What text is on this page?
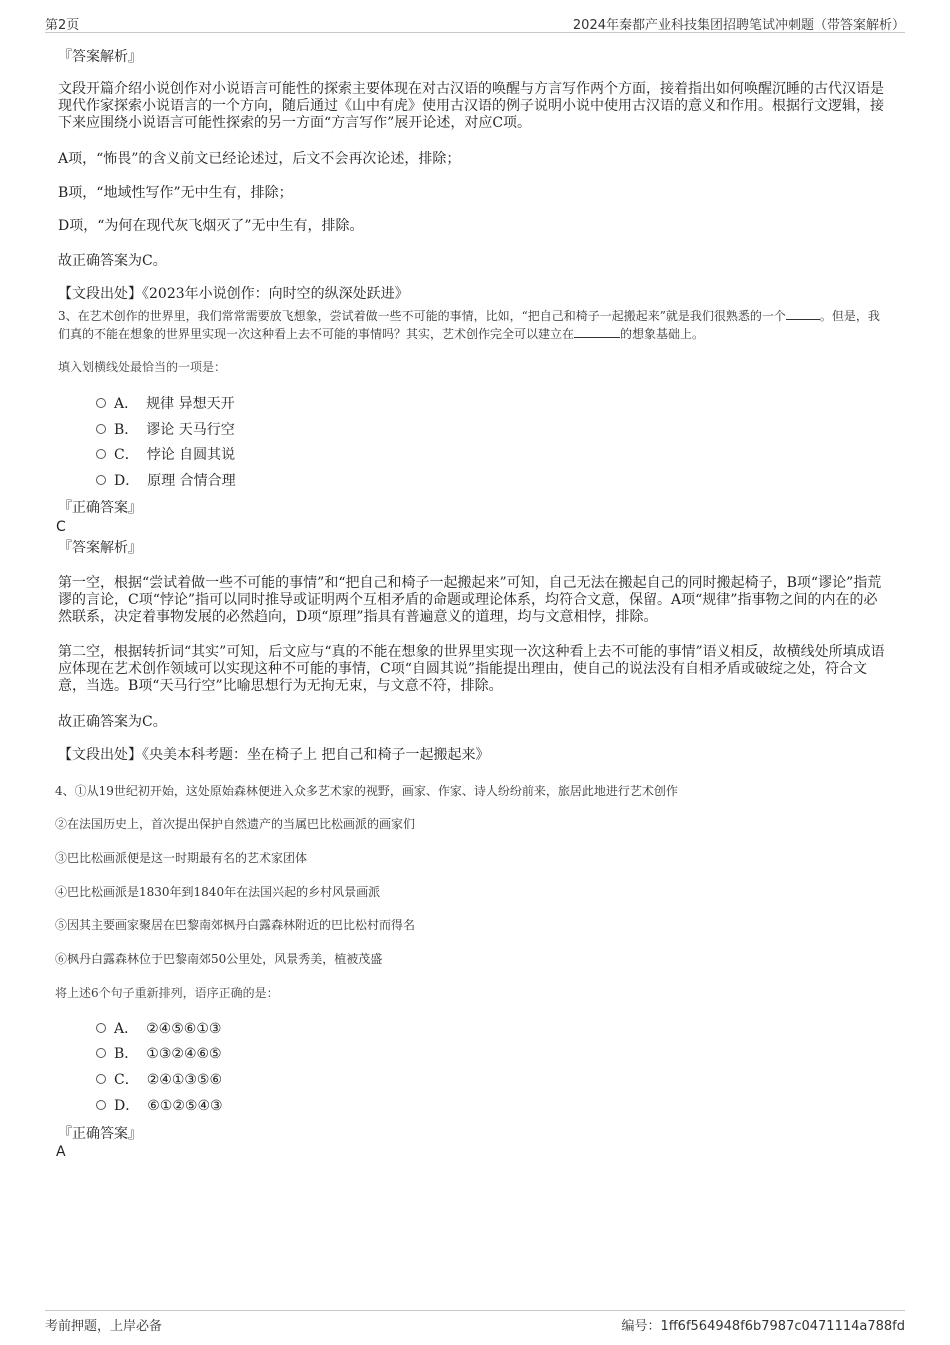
第2页	2024年秦都产业科技集团招聘笔试冲刺题（带答案解析）
『答案解析』

文段开篇介绍小说创作对小说语言可能性的探索主要体现在对古汉语的唤醒与方言写作两个方面，接着指出如何唤醒沉睡的古代汉语是现代作家探索小说语言的一个方向，随后通过《山中有虎》使用古汉语的例子说明小说中使用古汉语的意义和作用。根据行文逻辑，接下来应围绕小说语言可能性探索的另一方面“方言写作”展开论述，对应C项。

A项，“怖畏”的含义前文已经论述过，后文不会再次论述，排除；

B项，“地域性写作”无中生有，排除；

D项，“为何在现代灰飞烟灭了”无中生有，排除。

故正确答案为C。

【文段出处】《2023年小说创作：向时空的纵深处跃进》

3、在艺术创作的世界里，我们常常需要放飞想象，尝试着做一些不可能的事情，比如，“把自己和椅子一起搬起来”就是我们很熟悉的一个	。但是，我们真的不能在想象的世界里实现一次这种看上去不可能的事情吗？其实，艺术创作完全可以建立在	的想象基础上。

填入划横线处最恰当的一项是：
A． 规律 异想天开
B． 谬论 天马行空
C． 悖论 自圆其说
D． 原理 合情合理
『正确答案』
C
『答案解析』

第一空，根据“尝试着做一些不可能的事情”和“把自己和椅子一起搬起来”可知，自己无法在搬起自己的同时搬起椅子，B项“谬论”指荒谬的言论，C项“悖论”指可以同时推导或证明两个互相矛盾的命题或理论体系，均符合文意，保留。A项“规律”指事物之间的内在的必然联系，决定着事物发展的必然趋向，D项“原理”指具有普遍意义的道理，均与文意相悖，排除。

第二空，根据转折词“其实”可知，后文应与“真的不能在想象的世界里实现一次这种看上去不可能的事情”语义相反，故横线处所填成语应体现在艺术创作领域可以实现这种不可能的事情，C项“自圆其说”指能提出理由，使自己的说法没有自相矛盾或破绽之处，符合文意，当选。B项“天马行空”比喻思想行为无拘无束，与文意不符，排除。

故正确答案为C。

【文段出处】《央美本科考题：坐在椅子上 把自己和椅子一起搬起来》
4、①从19世纪初开始，这处原始森林便进入众多艺术家的视野，画家、作家、诗人纷纷前来，旅居此地进行艺术创作
②在法国历史上，首次提出保护自然遗产的当属巴比松画派的画家们
③巴比松画派便是这一时期最有名的艺术家团体
④巴比松画派是1830年到1840年在法国兴起的乡村风景画派
⑤因其主要画家聚居在巴黎南郊枫丹白露森林附近的巴比松村而得名
⑥枫丹白露森林位于巴黎南郊50公里处，风景秀美，植被茂盛
将上述6个句子重新排列，语序正确的是：
A． ②④⑤⑥①③
B． ①③②④⑥⑤
C． ②④①③⑤⑥
D． ⑥①②⑤④③
『正确答案』
A
考前押题，上岸必备	编号：1ff6f564948f6b7987c0471114a788fd
